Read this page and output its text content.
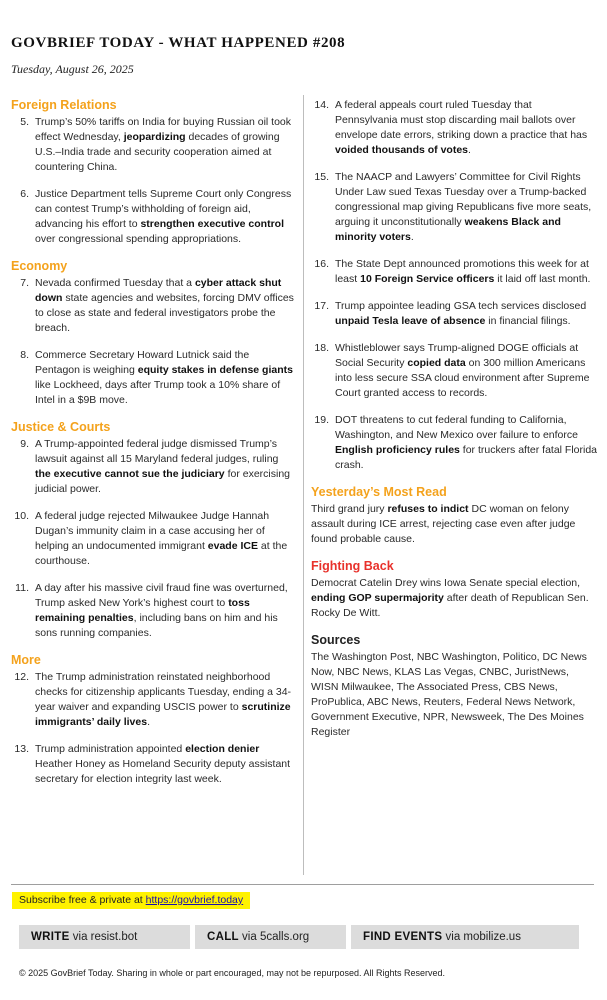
GOVBRIEF TODAY - WHAT HAPPENED #208
Tuesday, August 26, 2025
Foreign Relations
5. Trump’s 50% tariffs on India for buying Russian oil took effect Wednesday, jeopardizing decades of growing U.S.–India trade and security cooperation aimed at countering China.
6. Justice Department tells Supreme Court only Congress can contest Trump’s withholding of foreign aid, advancing his effort to strengthen executive control over congressional spending appropriations.
Economy
7. Nevada confirmed Tuesday that a cyber attack shut down state agencies and websites, forcing DMV offices to close as state and federal investigators probe the breach.
8. Commerce Secretary Howard Lutnick said the Pentagon is weighing equity stakes in defense giants like Lockheed, days after Trump took a 10% share of Intel in a $9B move.
Justice & Courts
9. A Trump-appointed federal judge dismissed Trump’s lawsuit against all 15 Maryland federal judges, ruling the executive cannot sue the judiciary for exercising judicial power.
10. A federal judge rejected Milwaukee Judge Hannah Dugan’s immunity claim in a case accusing her of helping an undocumented immigrant evade ICE at the courthouse.
11. A day after his massive civil fraud fine was overturned, Trump asked New York’s highest court to toss remaining penalties, including bans on him and his sons running companies.
More
12. The Trump administration reinstated neighborhood checks for citizenship applicants Tuesday, ending a 34-year waiver and expanding USCIS power to scrutinize immigrants’ daily lives.
13. Trump administration appointed election denier Heather Honey as Homeland Security deputy assistant secretary for election integrity last week.
14. A federal appeals court ruled Tuesday that Pennsylvania must stop discarding mail ballots over envelope date errors, striking down a practice that has voided thousands of votes.
15. The NAACP and Lawyers’ Committee for Civil Rights Under Law sued Texas Tuesday over a Trump-backed congressional map giving Republicans five more seats, arguing it unconstitutionally weakens Black and minority voters.
16. The State Dept announced promotions this week for at least 10 Foreign Service officers it laid off last month.
17. Trump appointee leading GSA tech services disclosed unpaid Tesla leave of absence in financial filings.
18. Whistleblower says Trump-aligned DOGE officials at Social Security copied data on 300 million Americans into less secure SSA cloud environment after Supreme Court granted access to records.
19. DOT threatens to cut federal funding to California, Washington, and New Mexico over failure to enforce English proficiency rules for truckers after fatal Florida crash.
Yesterday’s Most Read

Third grand jury refuses to indict DC woman on felony assault during ICE arrest, rejecting case even after judge found probable cause.

Fighting Back

Democrat Catelin Drey wins Iowa Senate special election, ending GOP supermajority after death of Republican Sen. Rocky De Witt.

Sources

The Washington Post, NBC Washington, Politico, DC News Now, NBC News, KLAS Las Vegas, CNBC, JuristNews, WISN Milwaukee, The Associated Press, CBS News, ProPublica, ABC News, Reuters, Federal News Network, Government Executive, NPR, Newsweek, The Des Moines Register

Subscribe free & private at https://govbrief.today
WRITE via resist.bot	CALL via 5calls.org	FIND EVENTS via mobilize.us
© 2025 GovBrief Today. Sharing in whole or part encouraged, may not be repurposed. All Rights Reserved.
